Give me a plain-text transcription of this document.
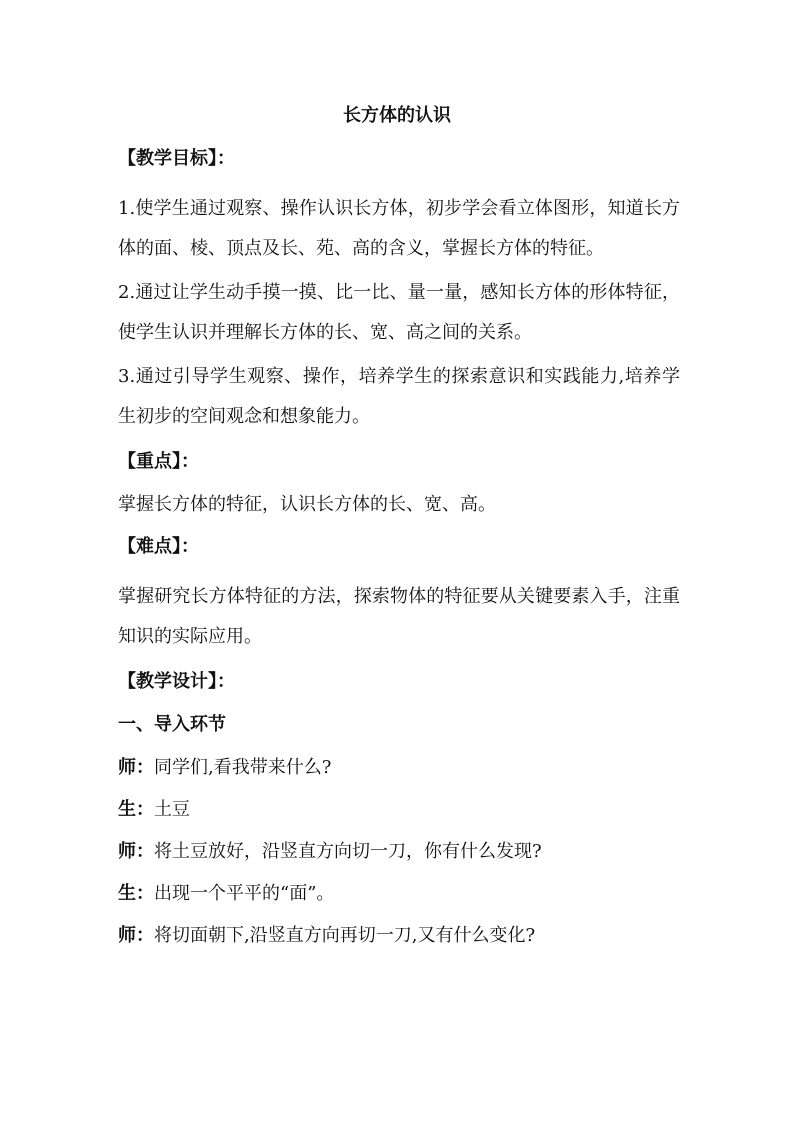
长方体的认识
【教学目标】：
1.使学生通过观察、操作认识长方体，初步学会看立体图形，知道长方体的面、棱、顶点及长、苑、高的含义，掌握长方体的特征。
2.通过让学生动手摸一摸、比一比、量一量，感知长方体的形体特征，使学生认识并理解长方体的长、宽、高之间的关系。
3.通过引导学生观察、操作，培养学生的探索意识和实践能力,培养学生初步的空间观念和想象能力。
【重点】：
掌握长方体的特征，认识长方体的长、宽、高。
【难点】：
掌握研究长方体特征的方法，探索物体的特征要从关键要素入手，注重知识的实际应用。
【教学设计】：
一、导入环节
师：同学们,看我带来什么?
生：土豆
师：将土豆放好，沿竖直方向切一刀，你有什么发现?
生：出现一个平平的“面”。
师：将切面朝下,沿竖直方向再切一刀,又有什么变化?
